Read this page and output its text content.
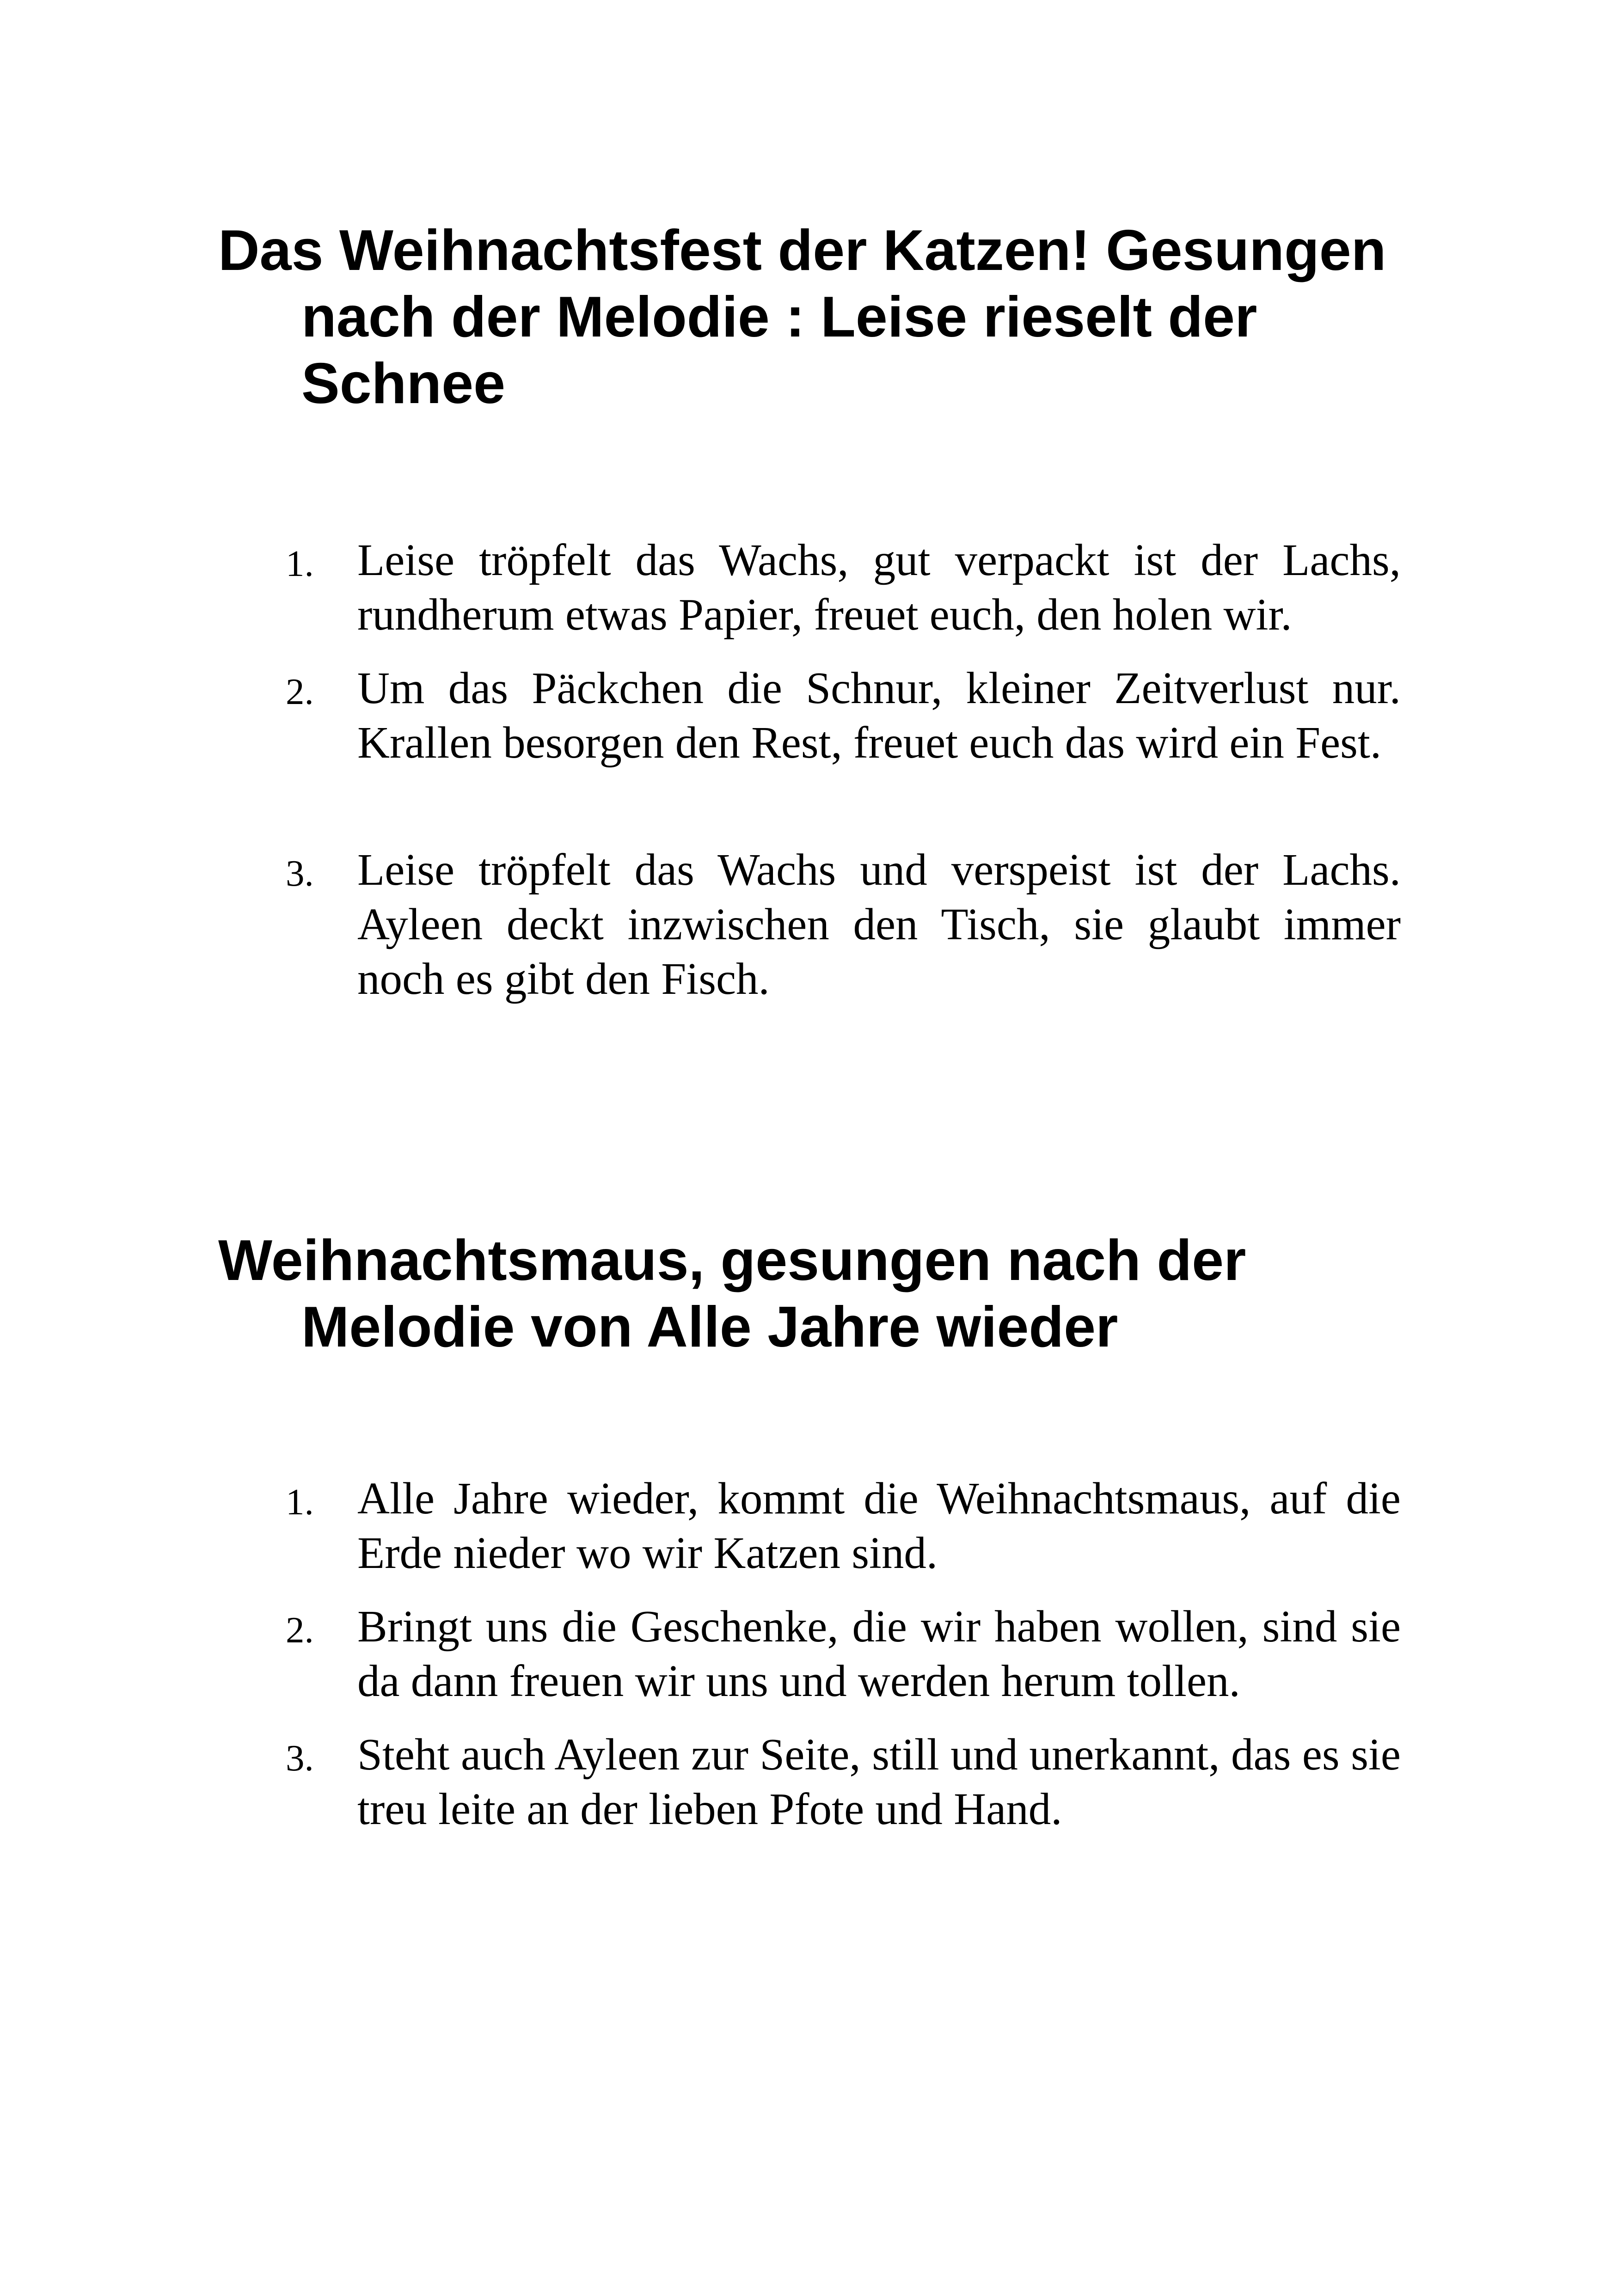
Das Weihnachtsfest der Katzen! Gesungen nach der Melodie : Leise rieselt der Schnee
1. Leise tröpfelt das Wachs, gut verpackt ist der Lachs, rundherum etwas Papier, freuet euch, den holen wir.
2. Um das Päckchen die Schnur, kleiner Zeitverlust nur. Krallen besorgen den Rest, freuet euch das wird ein Fest.
3. Leise tröpfelt das Wachs und verspeist ist der Lachs. Ayleen deckt inzwischen den Tisch, sie glaubt immer noch es gibt den Fisch.
Weihnachtsmaus, gesungen nach der Melodie von Alle Jahre wieder
1. Alle Jahre wieder, kommt die Weihnachtsmaus, auf die Erde nieder wo wir Katzen sind.
2. Bringt uns die Geschenke, die wir haben wollen, sind sie da dann freuen wir uns und werden herum tollen.
3. Steht auch Ayleen zur Seite, still und unerkannt, das es sie treu leite an der lieben Pfote und Hand.
